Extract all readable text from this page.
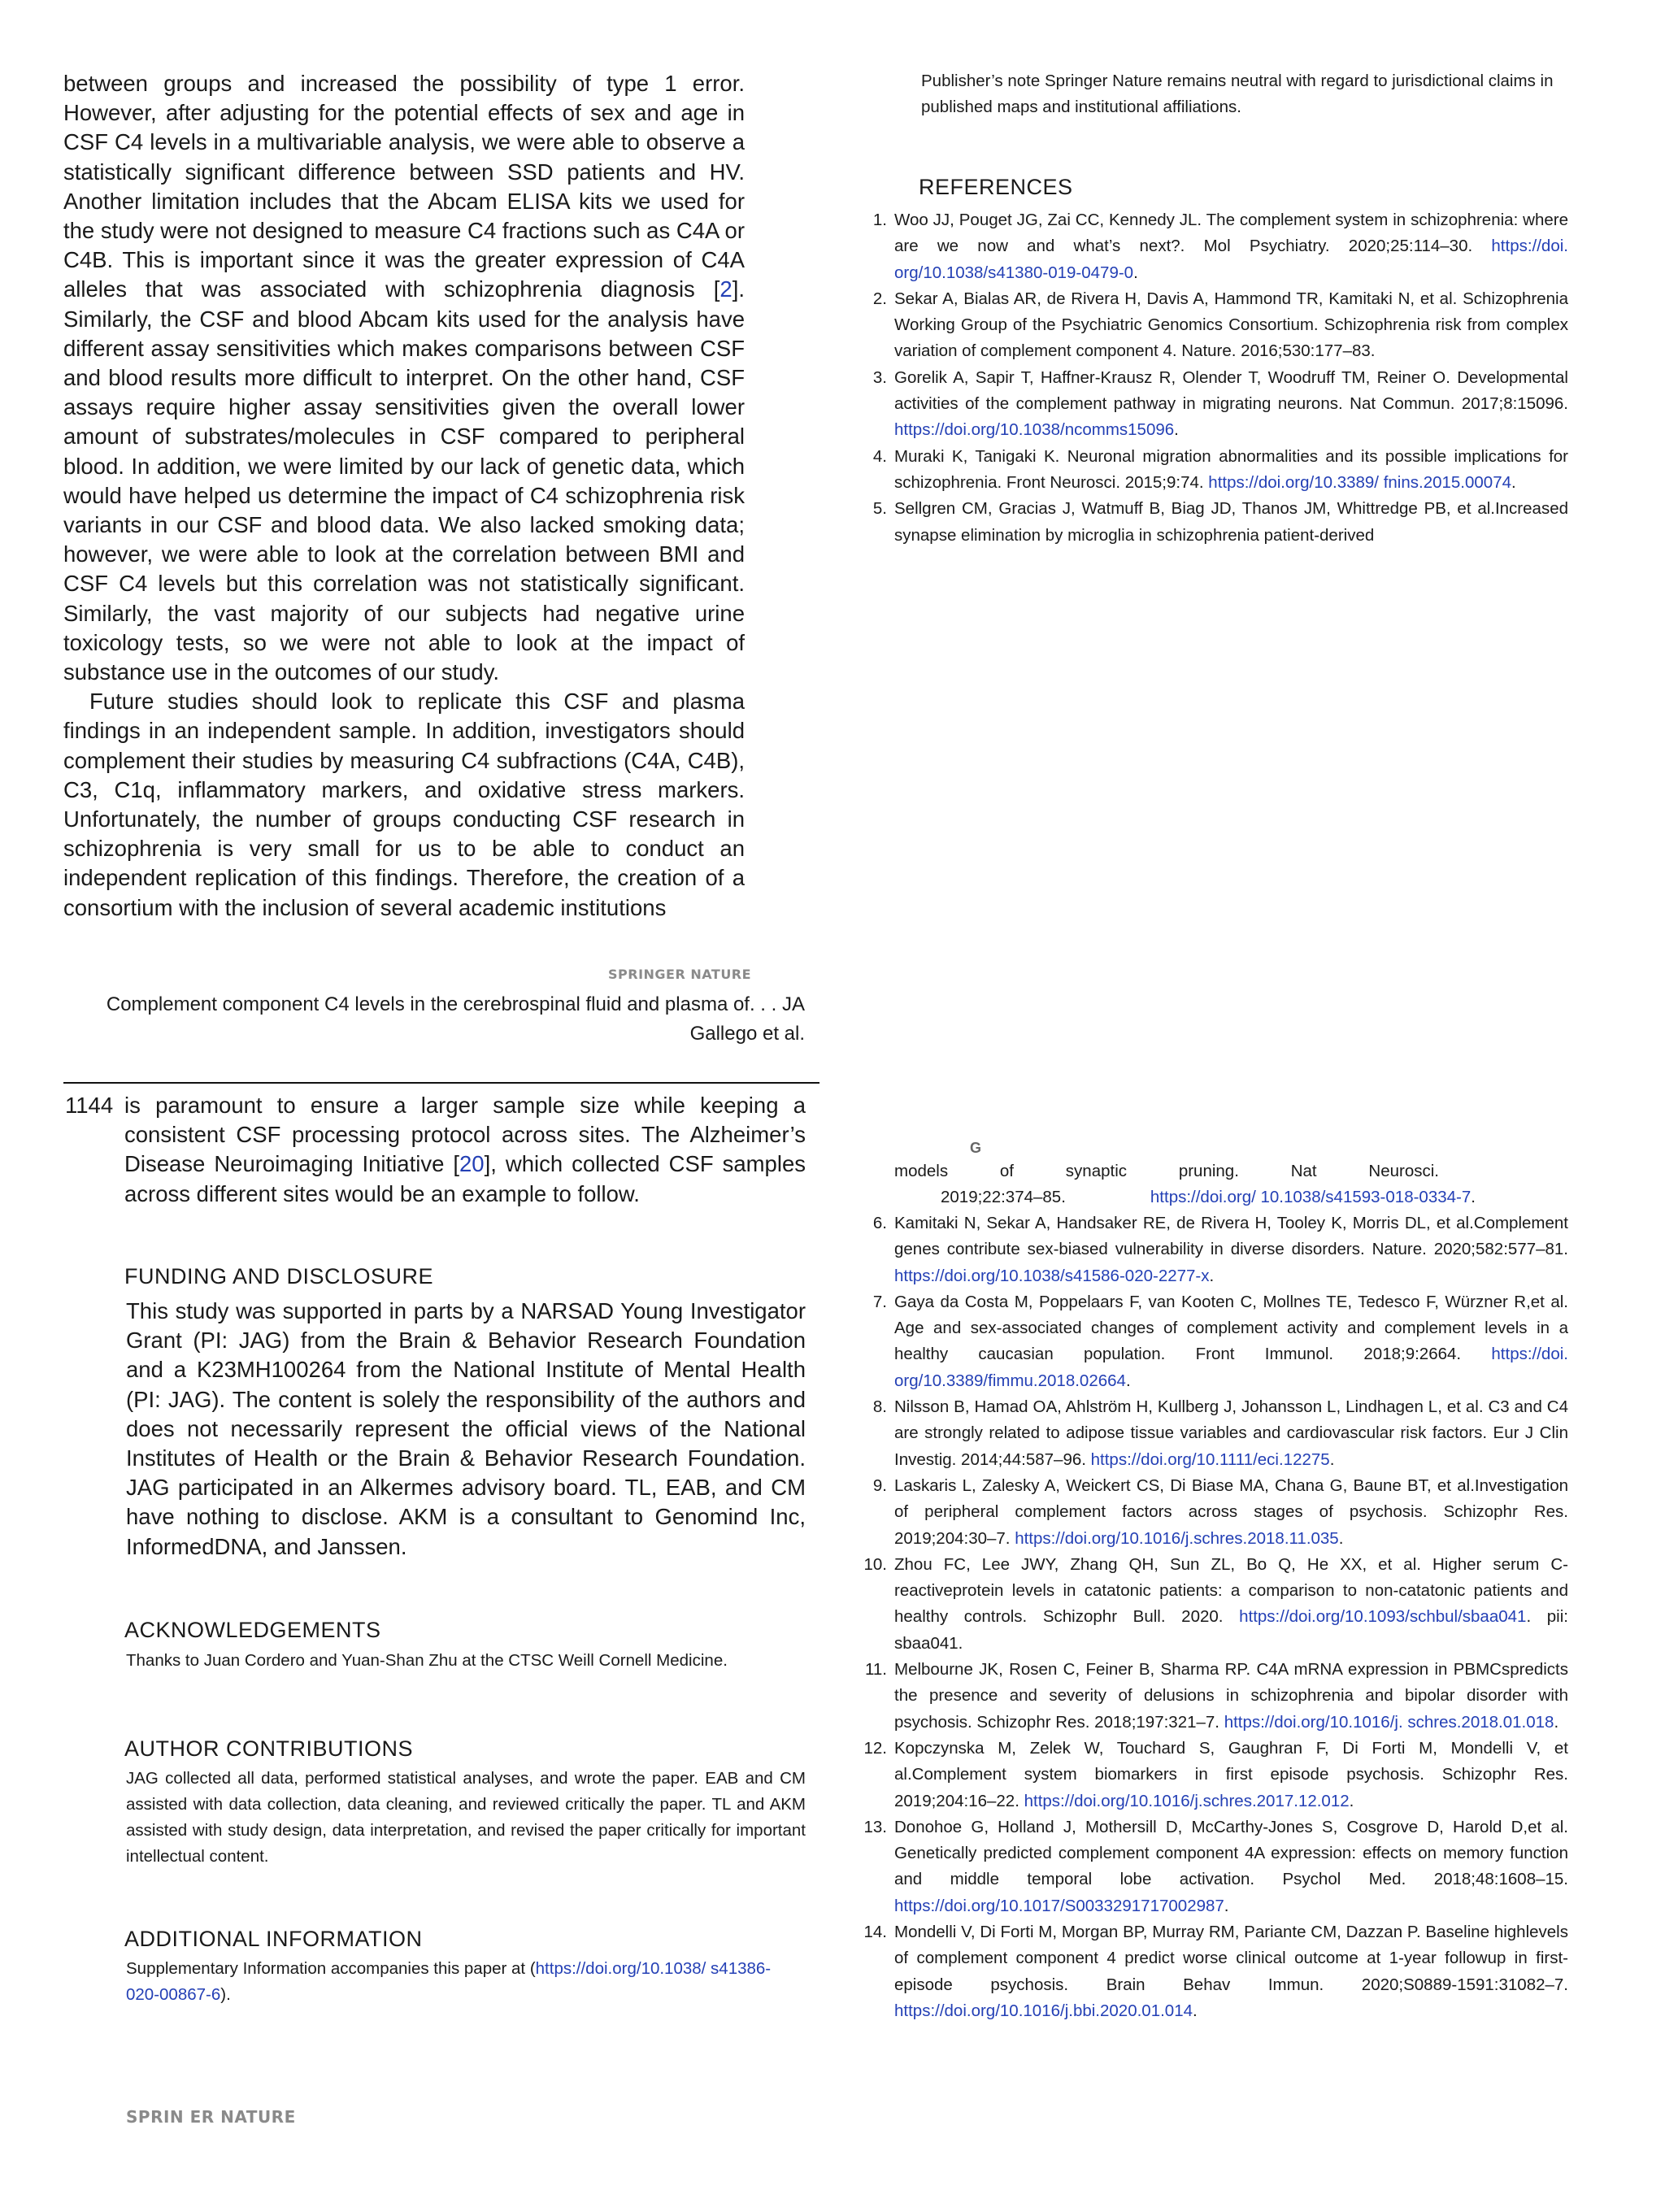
between groups and increased the possibility of type 1 error. However, after adjusting for the potential effects of sex and age in CSF C4 levels in a multivariable analysis, we were able to observe a statistically significant difference between SSD patients and HV. Another limitation includes that the Abcam ELISA kits we used for the study were not designed to measure C4 fractions such as C4A or C4B. This is important since it was the greater expression of C4A alleles that was associated with schizophrenia diagnosis [2]. Similarly, the CSF and blood Abcam kits used for the analysis have different assay sensitivities which makes comparisons between CSF and blood results more difficult to interpret. On the other hand, CSF assays require higher assay sensitivities given the overall lower amount of substrates/molecules in CSF compared to peripheral blood. In addition, we were limited by our lack of genetic data, which would have helped us determine the impact of C4 schizophrenia risk variants in our CSF and blood data. We also lacked smoking data; however, we were able to look at the correlation between BMI and CSF C4 levels but this correlation was not statistically significant. Similarly, the vast majority of our subjects had negative urine toxicology tests, so we were not able to look at the impact of substance use in the outcomes of our study.

Future studies should look to replicate this CSF and plasma findings in an independent sample. In addition, investigators should complement their studies by measuring C4 subfractions (C4A, C4B), C3, C1q, inflammatory markers, and oxidative stress markers. Unfortunately, the number of groups conducting CSF research in schizophrenia is very small for us to be able to conduct an independent replication of this findings. Therefore, the creation of a consortium with the inclusion of several academic institutions

SPRINGER NATURE
Complement component C4 levels in the cerebrospinal fluid and plasma of. . . JA
Gallego et al.
1144 is paramount to ensure a larger sample size while keeping a consistent CSF processing protocol across sites. The Alzheimer’s Disease Neuroimaging Initiative [20], which collected CSF samples across different sites would be an example to follow.

FUNDING AND DISCLOSURE

This study was supported in parts by a NARSAD Young Investigator Grant (PI: JAG) from the Brain & Behavior Research Foundation and a K23MH100264 from the National Institute of Mental Health (PI: JAG). The content is solely the responsibility of the authors and does not necessarily represent the official views of the National Institutes of Health or the Brain & Behavior Research Foundation. JAG participated in an Alkermes advisory board. TL, EAB, and CM have nothing to disclose. AKM is a consultant to Genomind Inc, InformedDNA, and Janssen.

ACKNOWLEDGEMENTS

Thanks to Juan Cordero and Yuan-Shan Zhu at the CTSC Weill Cornell Medicine.

AUTHOR CONTRIBUTIONS

JAG collected all data, performed statistical analyses, and wrote the paper. EAB and CM assisted with data collection, data cleaning, and reviewed critically the paper. TL and AKM assisted with study design, data interpretation, and revised the paper critically for important intellectual content.

ADDITIONAL INFORMATION

Supplementary Information accompanies this paper at (https://doi.org/10.1038/ s41386-020-00867-6).

SPRIN ER NATURE
Publisher’s note Springer Nature remains neutral with regard to jurisdictional claims in published maps and institutional affiliations.
REFERENCES

1. Woo JJ, Pouget JG, Zai CC, Kennedy JL. The complement system in schizophrenia: where are we now and what’s next?. Mol Psychiatry. 2020;25:114–30. https://doi. org/10.1038/s41380-019-0479-0.

2. Sekar A, Bialas AR, de Rivera H, Davis A, Hammond TR, Kamitaki N, et al. Schizophrenia Working Group of the Psychiatric Genomics Consortium. Schizophrenia risk from complex variation of complement component 4. Nature. 2016;530:177–83.

3. Gorelik A, Sapir T, Haffner-Krausz R, Olender T, Woodruff TM, Reiner O. Developmental activities of the complement pathway in migrating neurons. Nat Commun. 2017;8:15096. https://doi.org/10.1038/ncomms15096.

4. Muraki K, Tanigaki K. Neuronal migration abnormalities and its possible implications for schizophrenia. Front Neurosci. 2015;9:74. https://doi.org/10.3389/ fnins.2015.00074.

5. Sellgren CM, Gracias J, Watmuff B, Biag JD, Thanos JM, Whittredge PB, et al.Increased synapse elimination by microglia in schizophrenia patient-derived

G
models	of	synaptic	pruning.	Nat	Neurosci.
2019;22:374–85.	https://doi.org/ 10.1038/s41593-018-0334-7.

6. Kamitaki N, Sekar A, Handsaker RE, de Rivera H, Tooley K, Morris DL, et al.Complement genes contribute sex-biased vulnerability in diverse disorders. Nature. 2020;582:577–81. https://doi.org/10.1038/s41586-020-2277-x.

7. Gaya da Costa M, Poppelaars F, van Kooten C, Mollnes TE, Tedesco F, Würzner R,et al. Age and sex-associated changes of complement activity and complement levels in a healthy caucasian population. Front Immunol. 2018;9:2664. https://doi. org/10.3389/fimmu.2018.02664.

8. Nilsson B, Hamad OA, Ahlström H, Kullberg J, Johansson L, Lindhagen L, et al. C3 and C4 are strongly related to adipose tissue variables and cardiovascular risk factors. Eur J Clin Investig. 2014;44:587–96. https://doi.org/10.1111/eci.12275.

9. Laskaris L, Zalesky A, Weickert CS, Di Biase MA, Chana G, Baune BT, et al.Investigation of peripheral complement factors across stages of psychosis. Schizophr Res. 2019;204:30–7. https://doi.org/10.1016/j.schres.2018.11.035.

10. Zhou FC, Lee JWY, Zhang QH, Sun ZL, Bo Q, He XX, et al. Higher serum C-reactiveprotein levels in catatonic patients: a comparison to non-catatonic patients and healthy controls. Schizophr Bull. 2020. https://doi.org/10.1093/schbul/sbaa041. pii: sbaa041.

11. Melbourne JK, Rosen C, Feiner B, Sharma RP. C4A mRNA expression in PBMCspredicts the presence and severity of delusions in schizophrenia and bipolar disorder with psychosis. Schizophr Res. 2018;197:321–7. https://doi.org/10.1016/j. schres.2018.01.018.

12. Kopczynska M, Zelek W, Touchard S, Gaughran F, Di Forti M, Mondelli V, et al.Complement system biomarkers in first episode psychosis. Schizophr Res. 2019;204:16–22. https://doi.org/10.1016/j.schres.2017.12.012.

13. Donohoe G, Holland J, Mothersill D, McCarthy-Jones S, Cosgrove D, Harold D,et al. Genetically predicted complement component 4A expression: effects on memory function and middle temporal lobe activation. Psychol Med. 2018;48:1608–15. https://doi.org/10.1017/S0033291717002987.

14. Mondelli V, Di Forti M, Morgan BP, Murray RM, Pariante CM, Dazzan P. Baseline highlevels of complement component 4 predict worse clinical outcome at 1-year followup in first-episode psychosis. Brain Behav Immun. 2020;S0889-1591:31082–7. https://doi.org/10.1016/j.bbi.2020.01.014.
